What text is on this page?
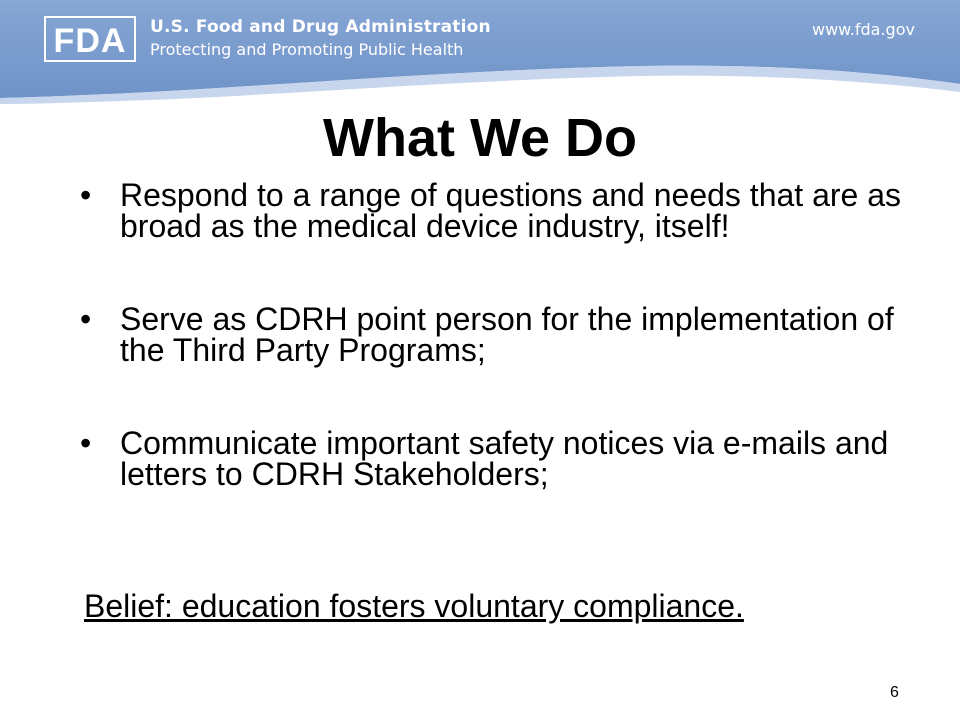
FDA U.S. Food and Drug Administration
Protecting and Promoting Public Health
www.fda.gov
What We Do
• Respond to a range of questions and needs that are as broad as the medical device industry, itself!
• Serve as CDRH point person for the implementation of the Third Party Programs;
• Communicate important safety notices via e-mails and letters to CDRH Stakeholders;

Belief: education fosters voluntary compliance.

6
